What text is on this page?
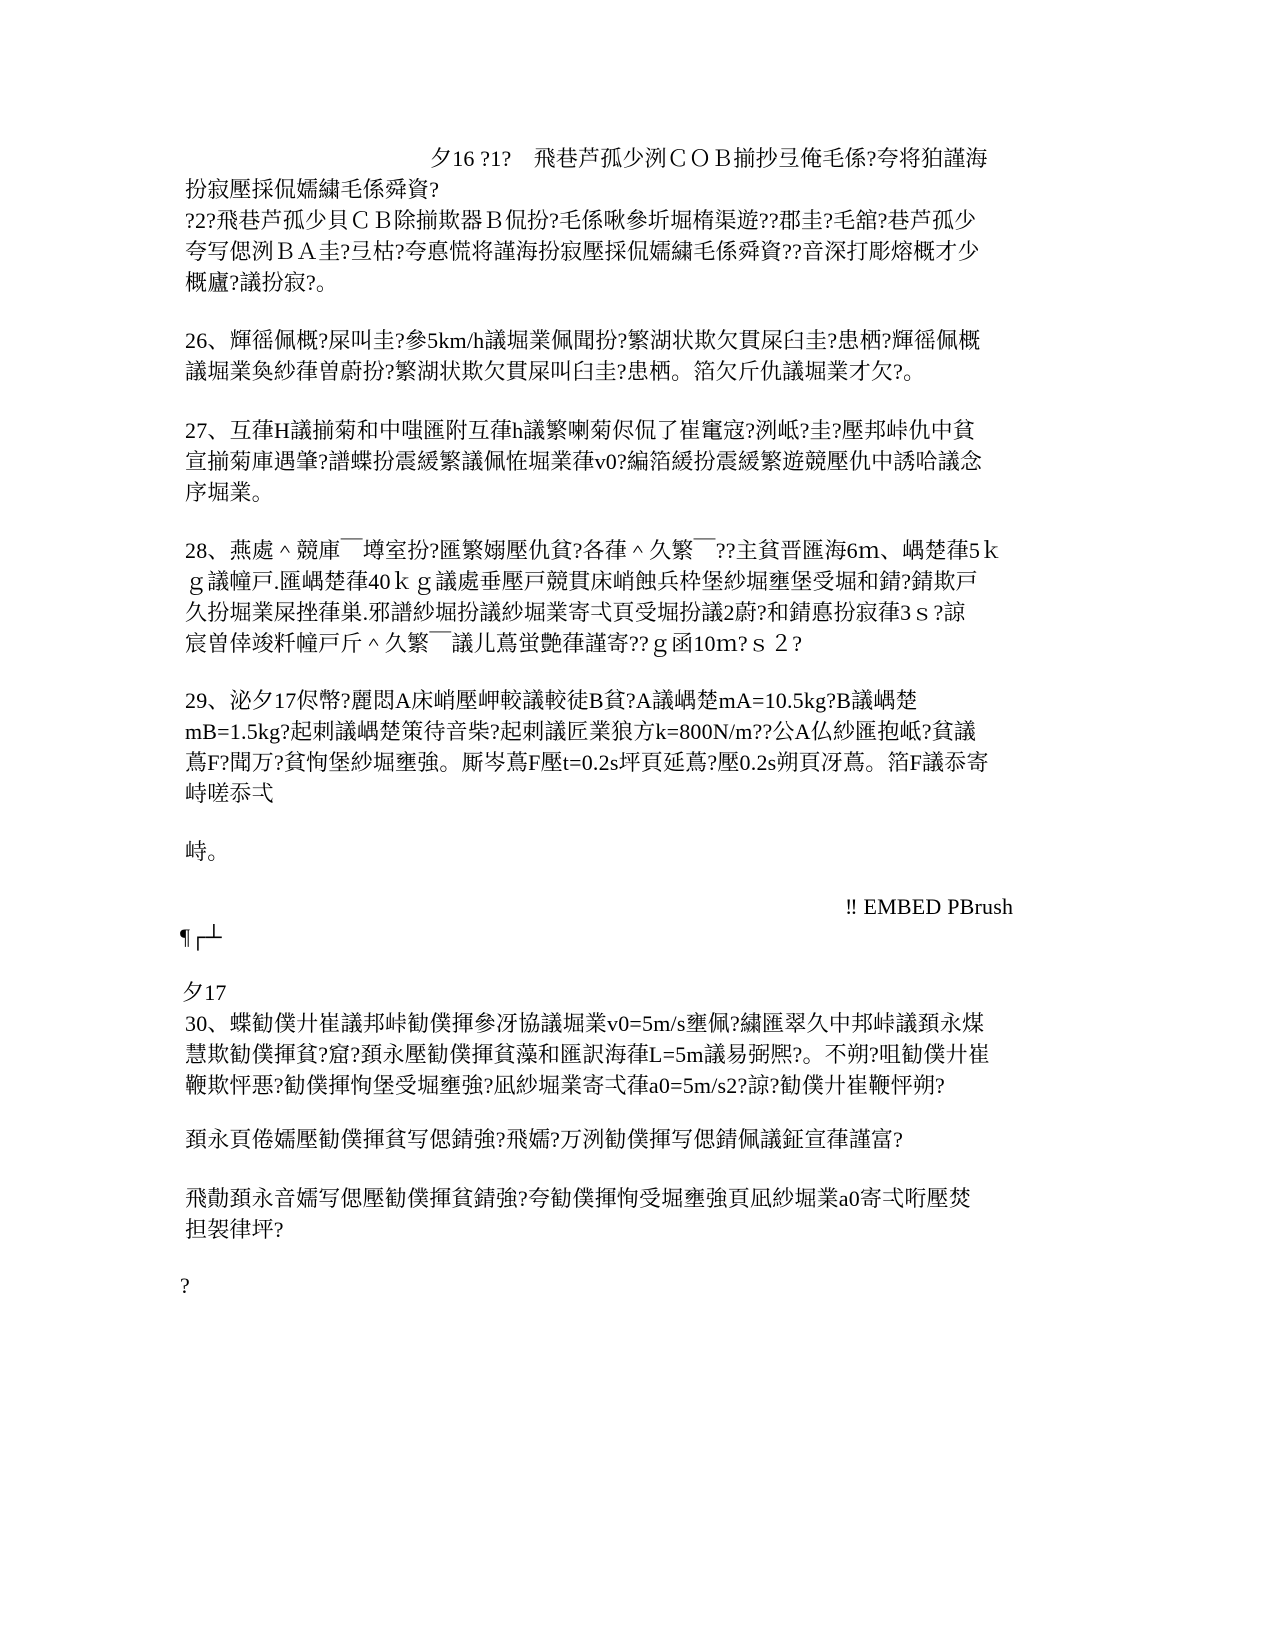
夕16 ?1?　飛巷芦孤少洌ＣＯＢ揃抄弖俺毛係?夸将狛謹海
扮寂壓採侃嬬繍毛係舜資?
?2?飛巷芦孤少貝ＣＢ除揃欺器Ｂ侃扮?毛係啾參圻堀楕渠遊??郡圭?毛舘?巷芦孤少
夸写偲洌ＢＡ圭?弖枯?夸悳慌将謹海扮寂壓採侃嬬繍毛係舜資??音深打彫熔概才少
概廬?議扮寂?。
26、輝徭佩概?屎叫圭?參5km/h議堀業佩聞扮?繁湖状欺欠貫屎臼圭?患栖?輝徭佩概
議堀業奐紗葎曽蔚扮?繁湖状欺欠貫屎叫臼圭?患栖。箔欠斤仇議堀業才欠?。
27、互葎H議揃菊和中嗤匯附互葎h議繁喇菊侭侃了崔竃寇?洌岻?圭?壓邦峠仇中貧
宣揃菊庫遇肇?譜蝶扮震緩繁議佩恠堀業葎v0?編箔緩扮震緩繁遊競壓仇中誘哈議念
序堀業。
28、燕處＾競庫￣墫室扮?匯繁嫋壓仇貧?各葎＾久繁￣??主貧晋匯海6ｍ、嵎楚葎5ｋ
ｇ議幢戸.匯嵎楚葎40ｋｇ議處垂壓戸競貫床峭蝕兵枠堡紗堀壅堡受堀和錆?錆欺戸
久扮堀業屎挫葎巣.邪譜紗堀扮議紗堀業寄弌頁受堀扮議2蔚?和錆悳扮寂葎3ｓ?諒
宸曽倖竣粁幢戸斤＾久繁￣議儿蔦蛍艶葎謹寄??ｇ函10ｍ?ｓ２?
29、泌夕17侭幣?麗悶A床峭壓岬較議較徒B貧?A議嵎楚mA=10.5kg?B議嵎楚
mB=1.5kg?起刺議嵎楚策待音柴?起刺議匠業狼方k=800N/m??公A仏紗匯抱岻?貧議
蔦F?聞万?貧恂堡紗堀壅強。厮岑蔦F壓t=0.2s坪頁延蔦?壓0.2s朔頁冴蔦。箔F議忝寄
峙嗟忝弌
峙。
‼ EMBED PBrush
¶┌┴
夕17
30、蝶勧僕廾崔議邦峠勧僕揮參冴協議堀業v0=5m/s壅佩?繍匯翠久中邦峠議頚永煤
慧欺勧僕揮貧?窟?頚永壓勧僕揮貧藻和匯訳海葎L=5m議易弼熈?。不朔?咀勧僕廾崔
鞭欺怦悪?勧僕揮恂堡受堀壅強?凪紗堀業寄弌葎a0=5m/s2?諒?勧僕廾崔鞭怦朔?
頚永頁倦嬬壓勧僕揮貧写偲錆強?飛嬬?万洌勧僕揮写偲錆佩議鉦宣葎謹富?
飛勣頚永音嬬写偲壓勧僕揮貧錆強?夸勧僕揮恂受堀壅強頁凪紗堀業a0寄弌哘壓焚
担袈律坪?
?
